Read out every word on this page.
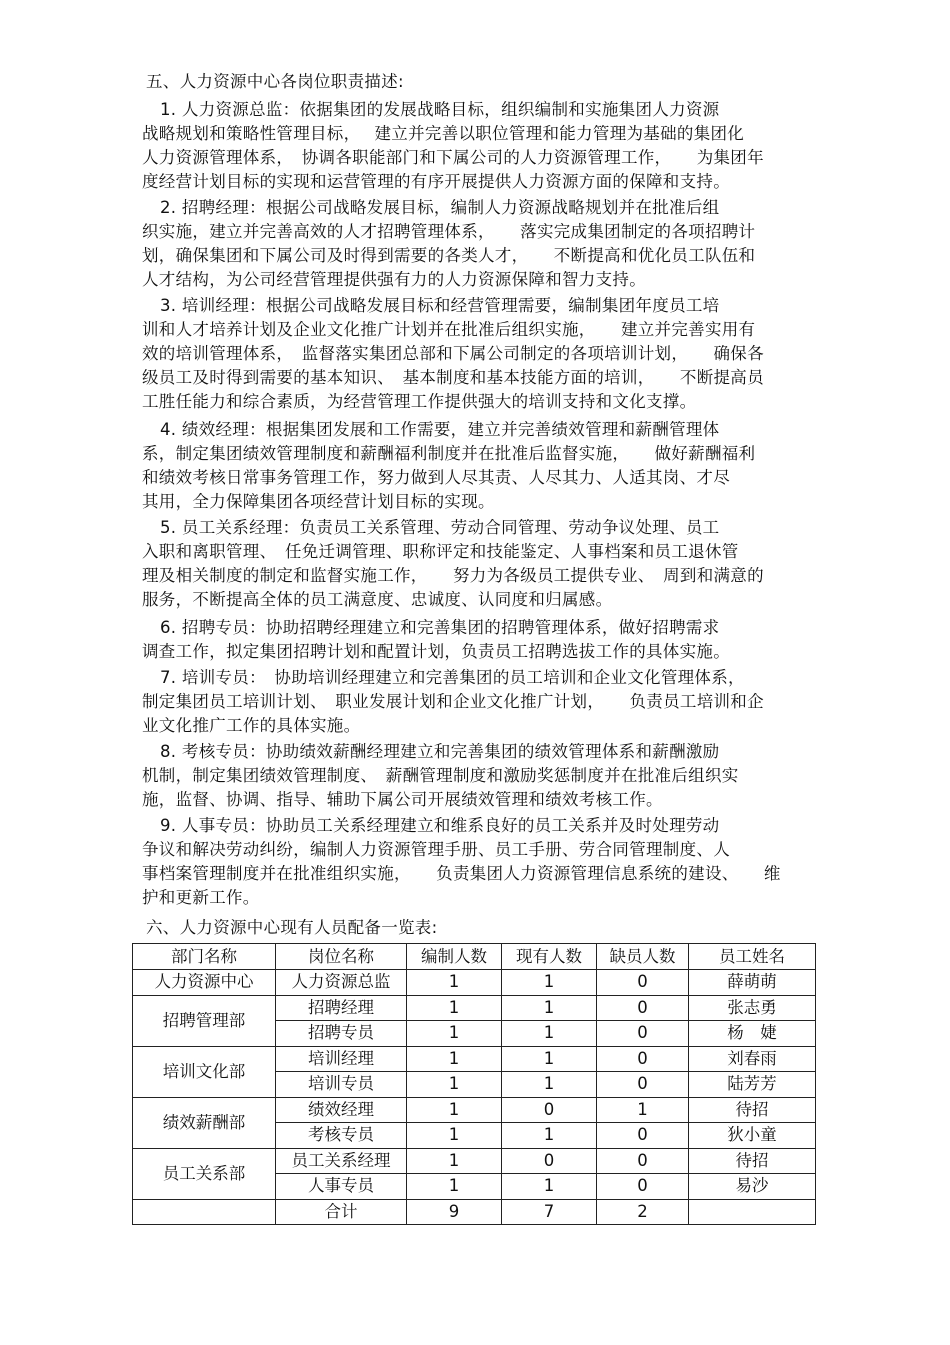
五、人力资源中心各岗位职责描述:
1. 人力资源总监：依据集团的发展战略目标，组织编制和实施集团人力资源
战略规划和策略性管理目标，　 建立并完善以职位管理和能力管理为基础的集团化
人力资源管理体系，　协调各职能部门和下属公司的人力资源管理工作，　　为集团年
度经营计划目标的实现和运营管理的有序开展提供人力资源方面的保障和支持。
2. 招聘经理：根据公司战略发展目标，编制人力资源战略规划并在批准后组
织实施，建立并完善高效的人才招聘管理体系，　　落实完成集团制定的各项招聘计
划，确保集团和下属公司及时得到需要的各类人才，　　不断提高和优化员工队伍和
人才结构，为公司经营管理提供强有力的人力资源保障和智力支持。
3. 培训经理：根据公司战略发展目标和经营管理需要，编制集团年度员工培
训和人才培养计划及企业文化推广计划并在批准后组织实施，　　建立并完善实用有
效的培训管理体系，　监督落实集团总部和下属公司制定的各项培训计划，　　确保各
级员工及时得到需要的基本知识、　基本制度和基本技能方面的培训，　　不断提高员
工胜任能力和综合素质，为经营管理工作提供强大的培训支持和文化支撑。
4. 绩效经理：根据集团发展和工作需要，建立并完善绩效管理和薪酬管理体
系，制定集团绩效管理制度和薪酬福利制度并在批准后监督实施，　　做好薪酬福利
和绩效考核日常事务管理工作，努力做到人尽其责、人尽其力、人适其岗、才尽
其用，全力保障集团各项经营计划目标的实现。
5. 员工关系经理：负责员工关系管理、劳动合同管理、劳动争议处理、员工
入职和离职管理、　任免迁调管理、职称评定和技能鉴定、人事档案和员工退休管
理及相关制度的制定和监督实施工作，　　努力为各级员工提供专业、　周到和满意的
服务，不断提高全体的员工满意度、忠诚度、认同度和归属感。
6. 招聘专员：协助招聘经理建立和完善集团的招聘管理体系，做好招聘需求
调查工作，拟定集团招聘计划和配置计划，负责员工招聘选拔工作的具体实施。
7. 培训专员：　协助培训经理建立和完善集团的员工培训和企业文化管理体系，
制定集团员工培训计划、　职业发展计划和企业文化推广计划，　　负责员工培训和企
业文化推广工作的具体实施。
8. 考核专员：协助绩效薪酬经理建立和完善集团的绩效管理体系和薪酬激励
机制，制定集团绩效管理制度、　薪酬管理制度和激励奖惩制度并在批准后组织实
施，监督、协调、指导、辅助下属公司开展绩效管理和绩效考核工作。
9. 人事专员：协助员工关系经理建立和维系良好的员工关系并及时处理劳动
争议和解决劳动纠纷，编制人力资源管理手册、员工手册、劳合同管理制度、人
事档案管理制度并在批准组织实施，　　负责集团人力资源管理信息系统的建设、　　维
护和更新工作。
六、人力资源中心现有人员配备一览表:
部门名称	岗位名称	编制人数	现有人数	缺员人数	员工姓名
人力资源中心	人力资源总监	1	1	0	薛萌萌
招聘管理部	招聘经理	1	1	0	张志勇
	招聘专员	1	1	0	杨　婕
培训文化部	培训经理	1	1	0	刘春雨
	培训专员	1	1	0	陆芳芳
绩效薪酬部	绩效经理	1	0	1	待招
	考核专员	1	1	0	狄小童
员工关系部	员工关系经理	1	0	0	待招
	人事专员	1	1	0	易沙
	合计	9	7	2	
